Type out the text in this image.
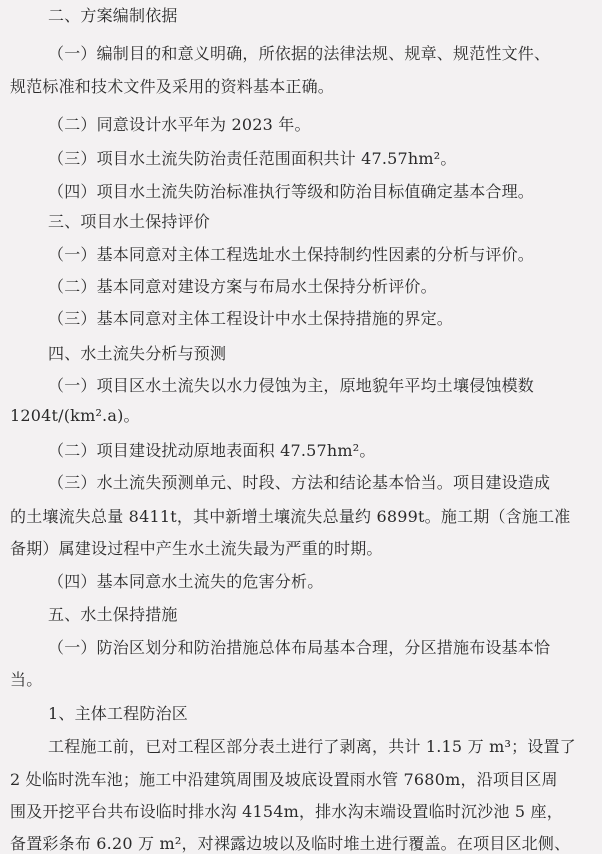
二、方案编制依据
（一）编制目的和意义明确，所依据的法律法规、规章、规范性文件、
规范标准和技术文件及采用的资料基本正确。
（二）同意设计水平年为 2023 年。
（三）项目水土流失防治责任范围面积共计 47.57hm²。
（四）项目水土流失防治标准执行等级和防治目标值确定基本合理。
三、项目水土保持评价
（一）基本同意对主体工程选址水土保持制约性因素的分析与评价。
（二）基本同意对建设方案与布局水土保持分析评价。
（三）基本同意对主体工程设计中水土保持措施的界定。
四、水土流失分析与预测
（一）项目区水土流失以水力侵蚀为主，原地貌年平均土壤侵蚀模数
1204t/(km².a)。
（二）项目建设扰动原地表面积 47.57hm²。
（三）水土流失预测单元、时段、方法和结论基本恰当。项目建设造成
的土壤流失总量 8411t，其中新增土壤流失总量约 6899t。施工期（含施工准
备期）属建设过程中产生水土流失最为严重的时期。
（四）基本同意水土流失的危害分析。
五、水土保持措施
（一）防治区划分和防治措施总体布局基本合理，分区措施布设基本恰
当。
1、主体工程防治区
工程施工前，已对工程区部分表土进行了剥离，共计 1.15 万 m³；设置了
2 处临时洗车池；施工中沿建筑周围及坡底设置雨水管 7680m，沿项目区周
围及开挖平台共布设临时排水沟 4154m，排水沟末端设置临时沉沙池 5 座，
备置彩条布 6.20 万 m²，对裸露边坡以及临时堆土进行覆盖。在项目区北侧、
